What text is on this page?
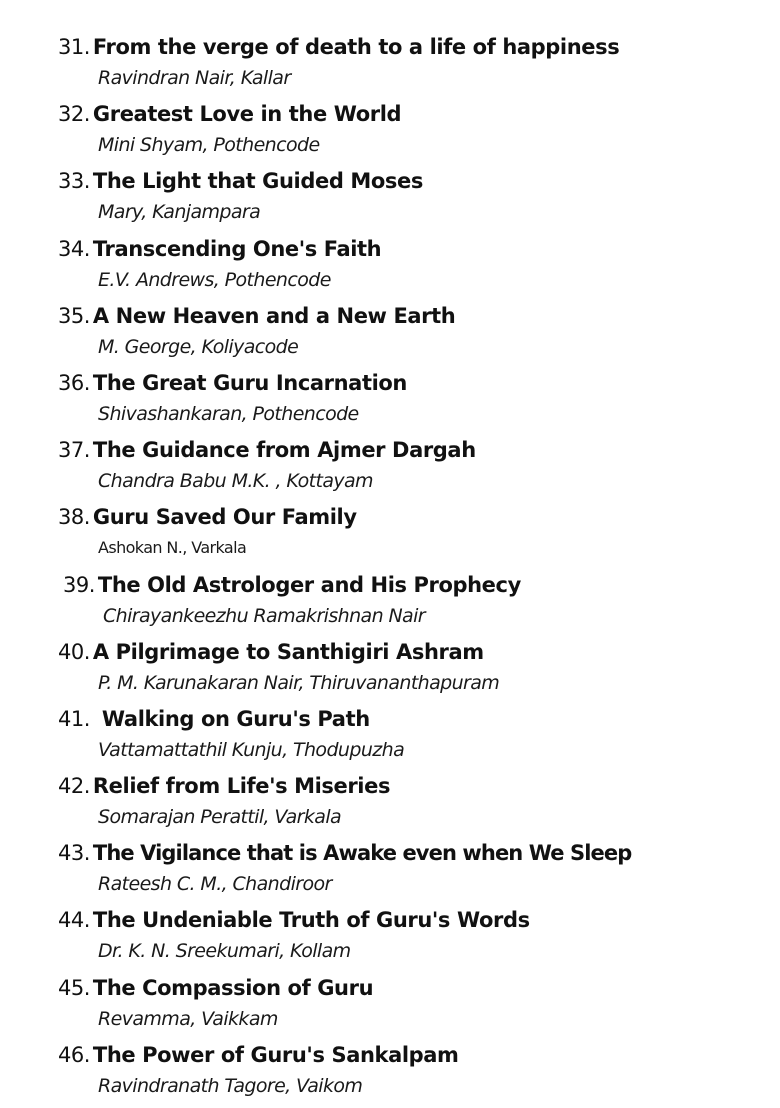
31. From the verge of death to a life of happiness
Ravindran Nair, Kallar
32. Greatest Love in the World
Mini Shyam, Pothencode
33. The Light that Guided Moses
Mary, Kanjampara
34. Transcending One's Faith
E.V. Andrews, Pothencode
35. A New Heaven and a New Earth
M. George, Koliyacode
36. The Great Guru Incarnation
Shivashankaran, Pothencode
37. The Guidance from Ajmer Dargah
Chandra Babu M.K. , Kottayam
38. Guru Saved Our Family
Ashokan N., Varkala
39. The Old Astrologer and His Prophecy
Chirayankeezhu Ramakrishnan Nair
40. A Pilgrimage to Santhigiri Ashram
P. M. Karunakaran Nair, Thiruvananthapuram
41. Walking on Guru's Path
Vattamattathil Kunju, Thodupuzha
42. Relief from Life's Miseries
Somarajan Perattil, Varkala
43. The Vigilance that is Awake even when We Sleep
Rateesh C. M., Chandiroor
44. The Undeniable Truth of Guru's Words
Dr. K. N. Sreekumari, Kollam
45. The Compassion of Guru
Revamma, Vaikkam
46. The Power of Guru's Sankalpam
Ravindranath Tagore, Vaikom
